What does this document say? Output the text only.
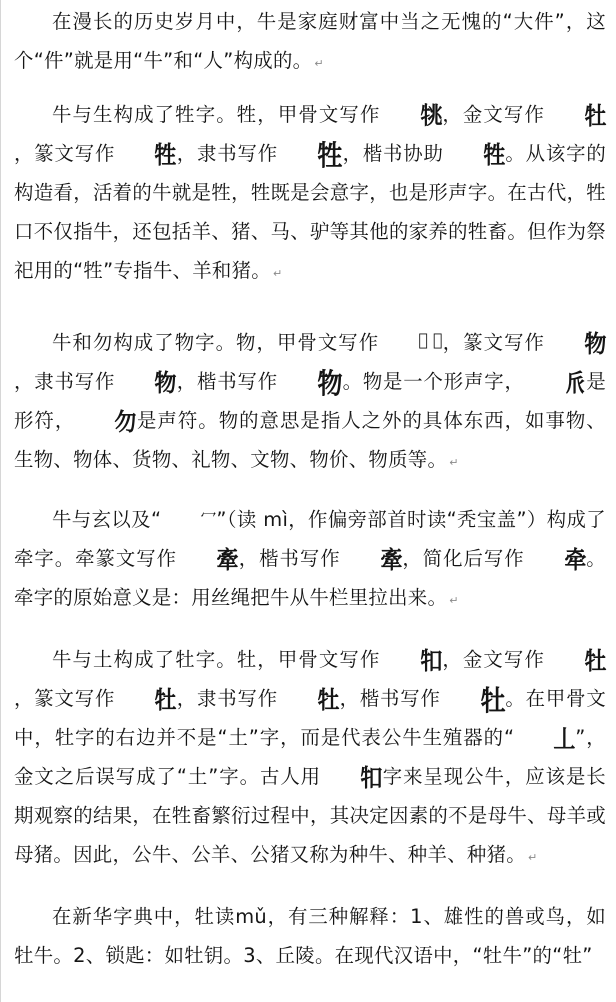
在漫长的历史岁月中，牛是家庭财富中当之无愧的“大件”，这个“件”就是用“牛”和“人”构成的。 ↵

牛与生构成了牲字。牲，甲骨文写作 𤙔，金文写作 牡，篆文写作 牲，隶书写作 牲，楷书协助 牲。从该字的构造看，活着的牛就是牲，牲既是会意字，也是形声字。在古代，牲口不仅指牛，还包括羊、猪、马、驴等其他的家养的牲畜。但作为祭祀用的“牲”专指牛、羊和猪。 ↵

牛和勿构成了物字。物，甲骨文写作	𢀳 𠂢，篆文写作 物，隶书写作 物，楷书写作 物。物是一个形声字， 𠂢是形符， 勿是声符。物的意思是指人之外的具体东西，如事物、生物、物体、货物、礼物、文物、物价、物质等。 ↵

牛与玄以及“	冖”（读 mì，作偏旁部首时读“秃宝盖”）构成了牵字。牵篆文写作 牽，楷书写作 牽，简化后写作 牵。牵字的原始意义是：用丝绳把牛从牛栏里拉出来。 ↵

牛与土构成了牡字。牡，甲骨文写作 𤘘，金文写作 牡，篆文写作 牡，隶书写作 牡，楷书写作 牡。在甲骨文中，牡字的右边并不是“土”字，而是代表公牛生殖器的“ 丄”，金文之后误写成了“土”字。古人用 𤘘字来呈现公牛，应该是长期观察的结果，在牲畜繁衍过程中，其决定因素的不是母牛、母羊或母猪。因此，公牛、公羊、公猪又称为种牛、种羊、种猪。 ↵

在新华字典中，牡读mǔ，有三种解释：1、雄性的兽或鸟，如牡牛。2、锁匙：如牡钥。3、丘陵。在现代汉语中，“牡牛”的“牡”
